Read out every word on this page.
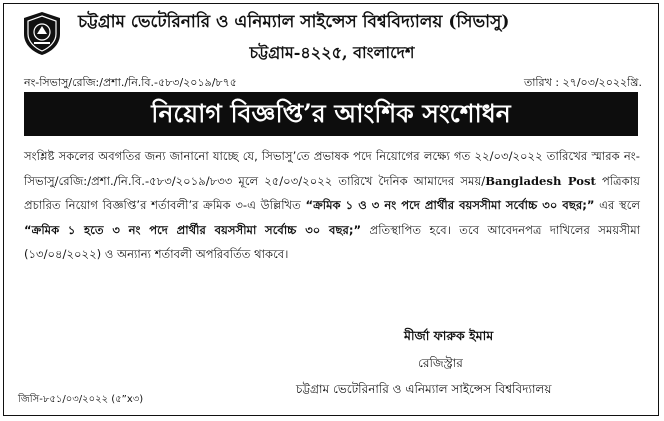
চট্টগ্রাম ভেটেরিনারি ও এনিম্যাল সাইন্সেস বিশ্ববিদ্যালয় (সিভাসু)
চট্টগ্রাম-৪২২৫, বাংলাদেশ
নং-সিভাসু/রেজি:/প্রশা./নি.বি.-৫৮৩/২০১৯/৮৭৫	তারিখ : ২৭/০৩/২০২২খ্রি.
নিয়োগ বিজ্ঞপ্তি’র আংশিক সংশোধন
সংশ্লিষ্ট সকলের অবগতির জন্য জানানো যাচ্ছে যে, সিভাসু’তে প্রভাষক পদে নিয়োগের লক্ষ্যে গত ২২/০৩/২০২২ তারিখের স্মারক নং-সিভাসু/রেজি:/প্রশা./নি.বি.-৫৮৩/২০১৯/৮৩৩ মূলে ২৫/০৩/২০২২ তারিখে দৈনিক আমাদের সময়/Bangladesh Post পত্রিকায় প্রচারিত নিয়োগ বিজ্ঞপ্তি’র শর্তাবলী’র ক্রমিক ৩-এ উল্লিখিত “ক্রমিক ১ ও ৩ নং পদে প্রার্থীর বয়সসীমা সর্বোচ্চ ৩০ বছর;” এর স্থলে “ক্রমিক ১ হতে ৩ নং পদে প্রার্থীর বয়সসীমা সর্বোচ্চ ৩০ বছর;” প্রতিস্থাপিত হবে। তবে আবেদনপত্র দাখিলের সময়সীমা (১৩/০৪/২০২২) ও অন্যান্য শর্তাবলী অপরিবর্তিত থাকবে।
মীর্জা ফারুক ইমাম
রেজিস্ট্রার
চট্টগ্রাম ভেটেরিনারি ও এনিম্যাল সাইন্সেস বিশ্ববিদ্যালয়
জিসি-৮৫১/০৩/২০২২ (৫”x৩)
